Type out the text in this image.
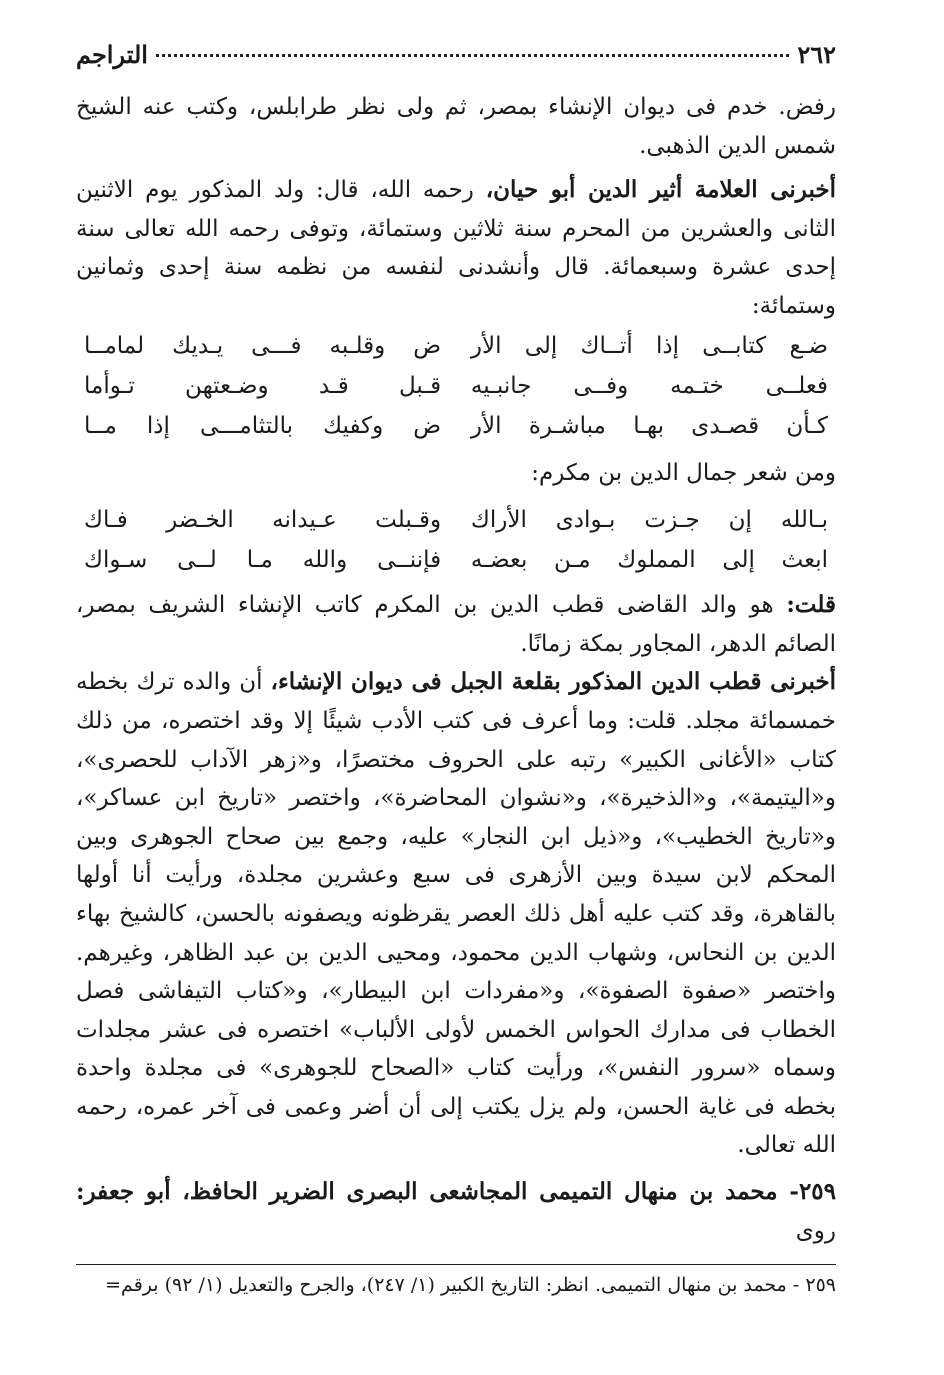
٢٦٢
التراجم

رفض. خدم فى ديوان الإنشاء بمصر، ثم ولى نظر طرابلس، وكتب عنه الشيخ شمس الدين الذهبى.

أخبرنى العلامة أثير الدين أبو حيان، رحمه الله، قال: ولد المذكور يوم الاثنين الثانى والعشرين من المحرم سنة ثلاثين وستمائة، وتوفى رحمه الله تعالى سنة إحدى عشرة وسبعمائة. قال وأنشدنى لنفسه من نظمه سنة إحدى وثمانين وستمائة:

ضـع كتابــى إذا أتــاك إلى الأر
ض وقلـبه فـــى يـديك لمامــا
فعلــى ختـمه وفــى جانبـيه
قـبل قـد وضـعتهن تـوأما
كـأن قصـدى بهـا مباشـرة الأر
ض وكفيك بالتثامـــى إذا مــا

ومن شعر جمال الدين بن مكرم:

بـالله إن جـزت بـوادى الأراك
وقـبلت عـيدانه الخـضر فـاك
ابعث إلى المملوك مـن بعضـه
فإننــى والله مـا لــى سـواك

قلت: هو والد القاضى قطب الدين بن المكرم كاتب الإنشاء الشريف بمصر، الصائم الدهر، المجاور بمكة زمانًا.

أخبرنى قطب الدين المذكور بقلعة الجبل فى ديوان الإنشاء، أن والده ترك بخطه خمسمائة مجلد. قلت: وما أعرف فى كتب الأدب شيئًا إلا وقد اختصره، من ذلك كتاب «الأغانى الكبير» رتبه على الحروف مختصرًا، و«زهر الآداب للحصرى»، و«اليتيمة»، و«الذخيرة»، و«نشوان المحاضرة»، واختصر «تاريخ ابن عساكر»، و«تاريخ الخطيب»، و«ذيل ابن النجار» عليه، وجمع بين صحاح الجوهرى وبين المحكم لابن سيدة وبين الأزهرى فى سبع وعشرين مجلدة، ورأيت أنا أولها بالقاهرة، وقد كتب عليه أهل ذلك العصر يقرظونه ويصفونه بالحسن، كالشيخ بهاء الدين بن النحاس، وشهاب الدين محمود، ومحيى الدين بن عبد الظاهر، وغيرهم. واختصر «صفوة الصفوة»، و«مفردات ابن البيطار»، و«كتاب التيفاشى فصل الخطاب فى مدارك الحواس الخمس لأولى الألباب» اختصره فى عشر مجلدات وسماه «سرور النفس»، ورأيت كتاب «الصحاح للجوهرى» فى مجلدة واحدة بخطه فى غاية الحسن، ولم يزل يكتب إلى أن أضر وعمى فى آخر عمره، رحمه الله تعالى.

٢٥٩- محمد بن منهال التميمى المجاشعى البصرى الضرير الحافظ، أبو جعفر: روى

٢٥٩ - محمد بن منهال التميمى. انظر: التاريخ الكبير (١/ ٢٤٧)، والجرح والتعديل (١/ ٩٢) برقم=
